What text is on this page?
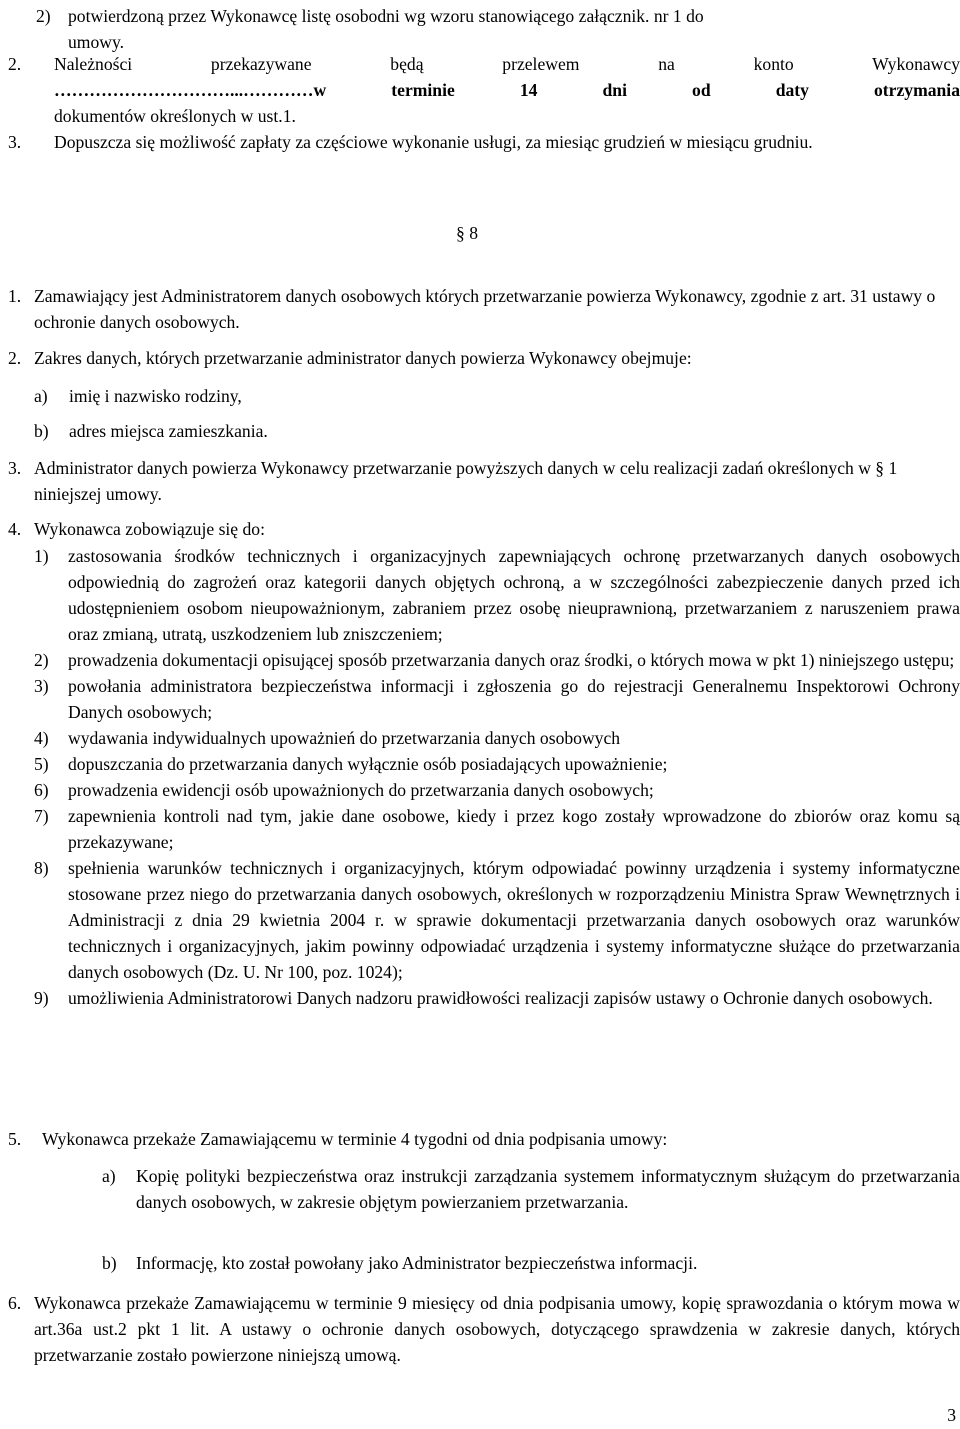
2) potwierdzoną przez Wykonawcę listę osobodni wg wzoru stanowiącego załącznik. nr 1 do
umowy.
2.	Należności przekazywane będą przelewem na konto Wykonawcy
…………………………...…………w terminie 14 dni od daty otrzymania
dokumentów określonych w ust.1.
3.	Dopuszcza się możliwość zapłaty za częściowe wykonanie usługi, za miesiąc grudzień w miesiącu grudniu.
§ 8
1. Zamawiający jest Administratorem danych osobowych których przetwarzanie powierza Wykonawcy, zgodnie z art. 31 ustawy o ochronie danych osobowych.
2. Zakres danych, których przetwarzanie administrator danych powierza Wykonawcy obejmuje:
a)	imię i nazwisko rodziny,
b)	adres miejsca zamieszkania.
3. Administrator danych powierza Wykonawcy przetwarzanie powyższych danych w celu realizacji zadań określonych w § 1 niniejszej umowy.
4. Wykonawca zobowiązuje się do:
1)	zastosowania środków technicznych i organizacyjnych zapewniających ochronę przetwarzanych danych osobowych odpowiednią do zagrożeń oraz kategorii danych objętych ochroną, a w szczególności zabezpieczenie danych przed ich udostępnieniem osobom nieupoważnionym, zabraniem przez osobę nieuprawnioną, przetwarzaniem z naruszeniem prawa oraz zmianą, utratą, uszkodzeniem lub zniszczeniem;
2)	prowadzenia dokumentacji opisującej sposób przetwarzania danych oraz środki, o których mowa w pkt 1) niniejszego ustępu;
3)	powołania administratora bezpieczeństwa informacji i zgłoszenia go do rejestracji Generalnemu Inspektorowi Ochrony Danych osobowych;
4)	wydawania indywidualnych upoważnień do przetwarzania danych osobowych
5)	dopuszczania do przetwarzania danych wyłącznie osób posiadających upoważnienie;
6)	prowadzenia ewidencji osób upoważnionych do przetwarzania danych osobowych;
7)	zapewnienia kontroli nad tym, jakie dane osobowe, kiedy i przez kogo zostały wprowadzone do zbiorów oraz komu są przekazywane;
8)	spełnienia warunków technicznych i organizacyjnych, którym odpowiadać powinny urządzenia i systemy informatyczne stosowane przez niego do przetwarzania danych osobowych, określonych w rozporządzeniu Ministra Spraw Wewnętrznych i Administracji z dnia 29 kwietnia 2004 r. w sprawie dokumentacji przetwarzania danych osobowych oraz warunków technicznych i organizacyjnych, jakim powinny odpowiadać urządzenia i systemy informatyczne służące do przetwarzania danych osobowych (Dz. U. Nr 100, poz. 1024);
9)	umożliwienia Administratorowi Danych nadzoru prawidłowości realizacji zapisów ustawy o Ochronie danych osobowych.
5.	Wykonawca przekaże Zamawiającemu w terminie 4 tygodni od dnia podpisania umowy:
a)	Kopię polityki bezpieczeństwa oraz instrukcji zarządzania systemem informatycznym służącym do przetwarzania danych osobowych, w zakresie objętym powierzaniem przetwarzania.
b)	Informację, kto został powołany jako Administrator bezpieczeństwa informacji.
6. Wykonawca przekaże Zamawiającemu w terminie 9 miesięcy od dnia podpisania umowy, kopię sprawozdania o którym mowa w art.36a ust.2 pkt 1 lit. A ustawy o ochronie danych osobowych, dotyczącego sprawdzenia w zakresie danych, których przetwarzanie zostało powierzone niniejszą umową.
3
